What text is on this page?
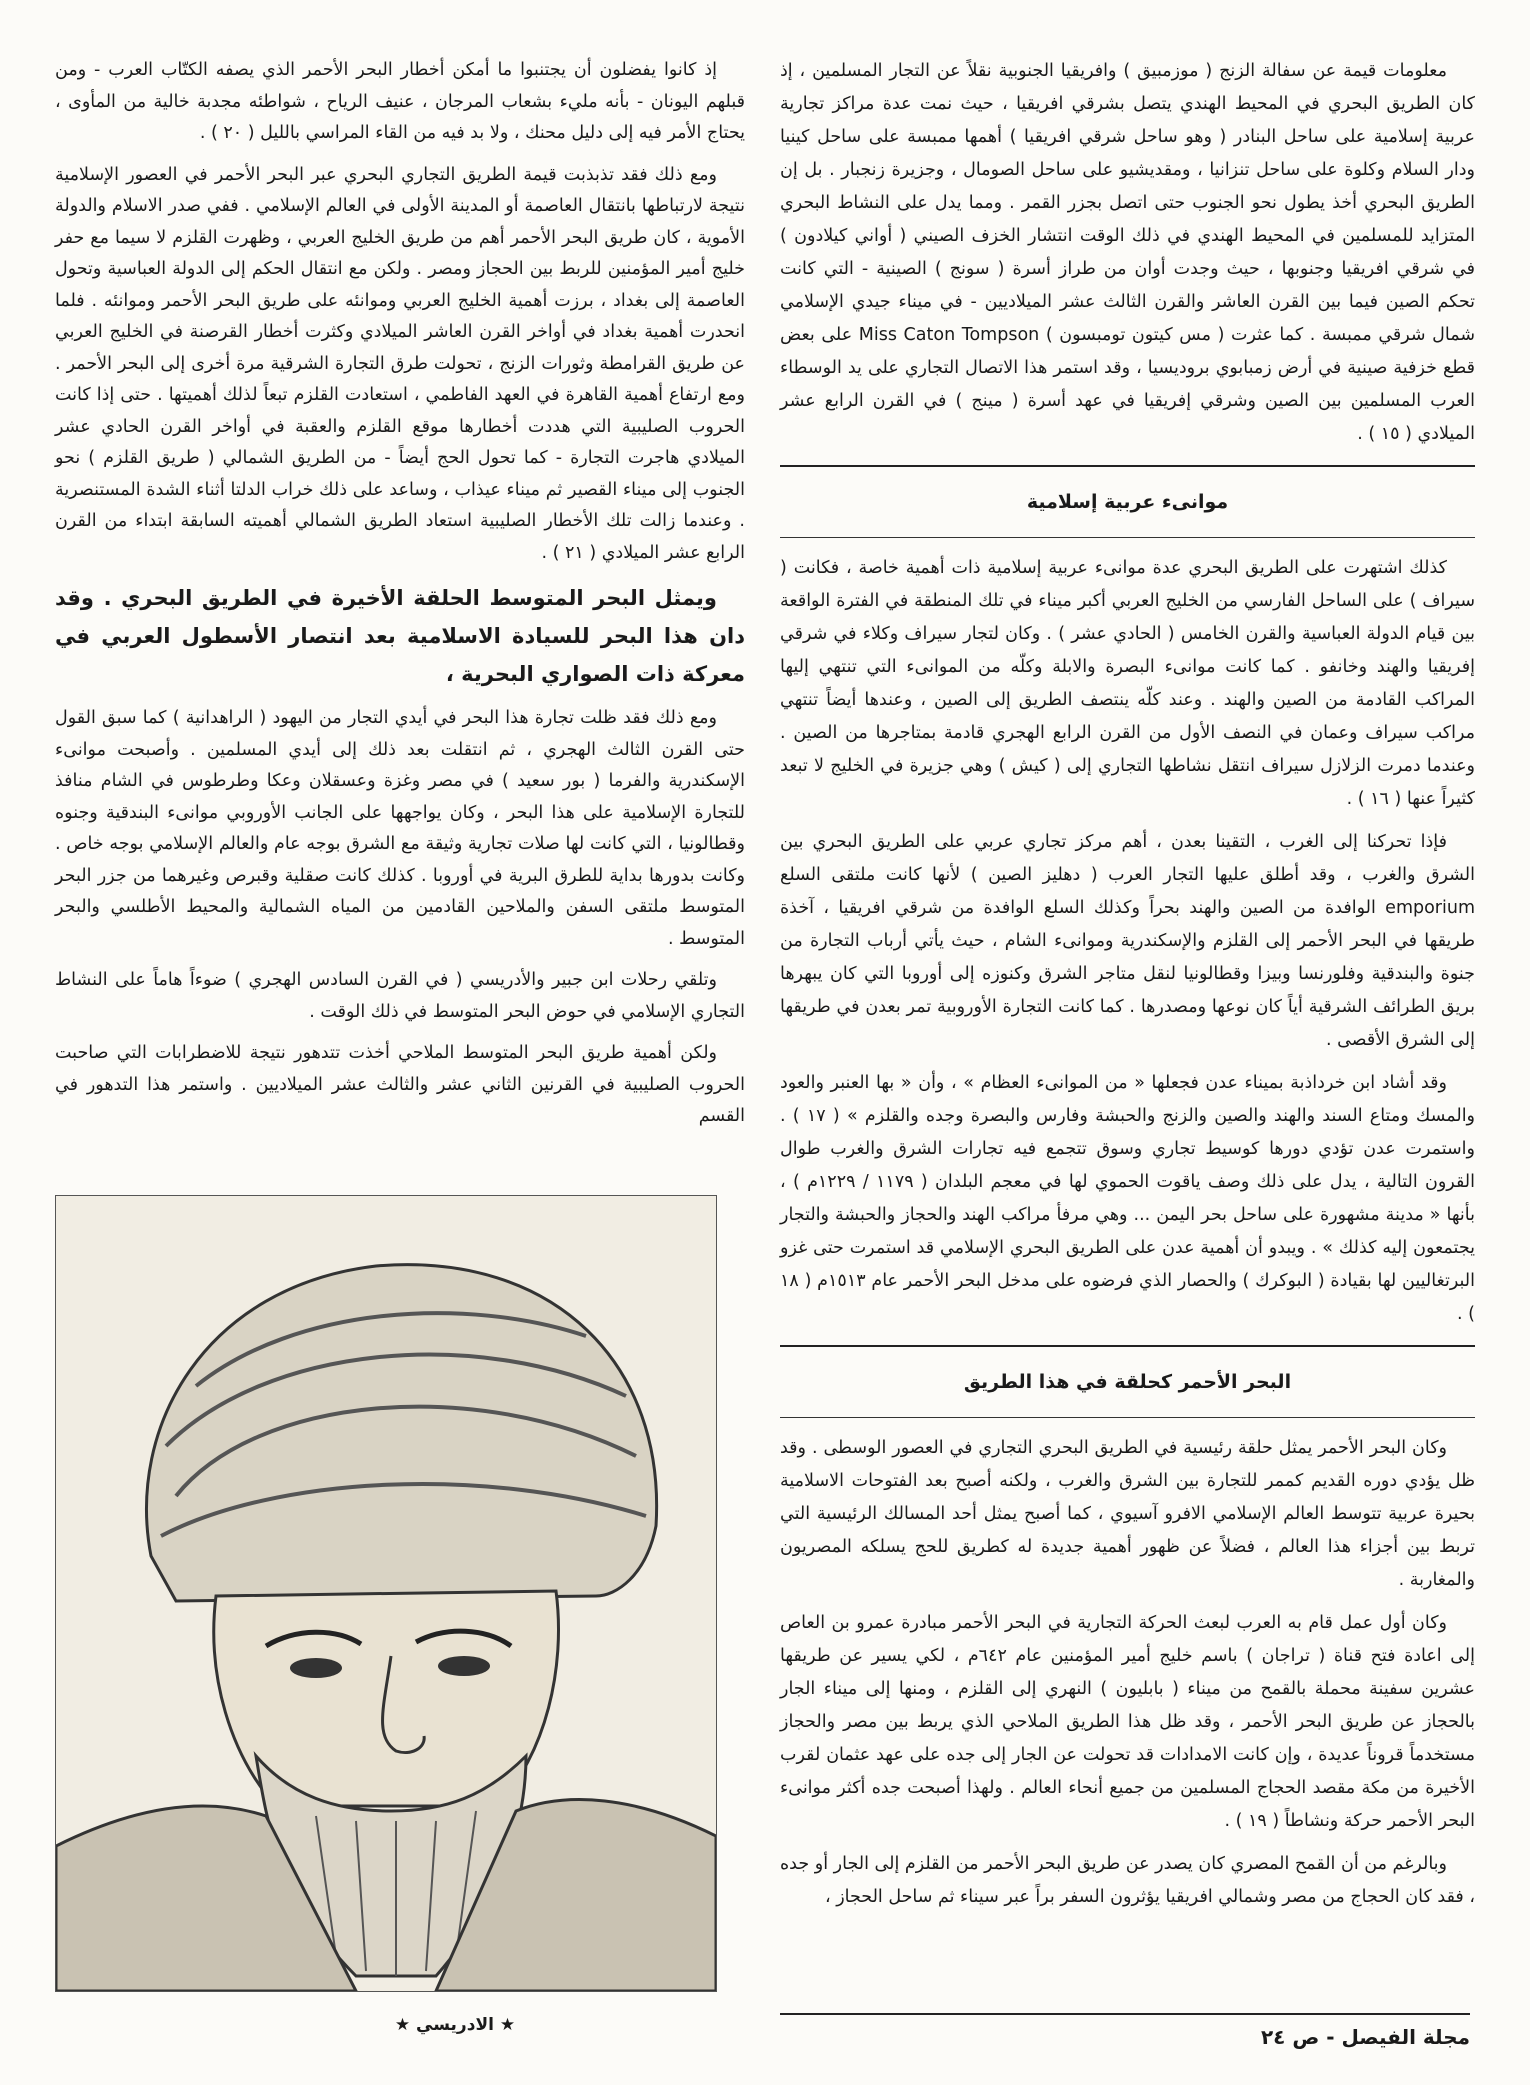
معلومات قيمة عن سفالة الزنج ( موزمبيق ) وافريقيا الجنوبية نقلاً عن التجار المسلمين ، إذ كان الطريق البحري في المحيط الهندي يتصل بشرقي افريقيا ، حيث نمت عدة مراكز تجارية عربية إسلامية على ساحل البنادر ( وهو ساحل شرقي افريقيا ) أهمها ممبسة على ساحل كينيا ودار السلام وكلوة على ساحل تنزانيا ، ومقديشيو على ساحل الصومال ، وجزيرة زنجبار . بل إن الطريق البحري أخذ يطول نحو الجنوب حتى اتصل بجزر القمر . ومما يدل على النشاط البحري المتزايد للمسلمين في المحيط الهندي في ذلك الوقت انتشار الخزف الصيني ( أواني كيلادون ) في شرقي افريقيا وجنوبها ، حيث وجدت أوان من طراز أسرة ( سونج ) الصينية - التي كانت تحكم الصين فيما بين القرن العاشر والقرن الثالث عشر الميلاديين - في ميناء جيدي الإسلامي شمال شرقي ممبسة . كما عثرت ( مس كيتون تومبسون ) Miss Caton Tompson على بعض قطع خزفية صينية في أرض زمبابوي بروديسيا ، وقد استمر هذا الاتصال التجاري على يد الوسطاء العرب المسلمين بين الصين وشرقي إفريقيا في عهد أسرة ( مينج ) في القرن الرابع عشر الميلادي ( ١٥ ) .

موانىء عربية إسلامية

كذلك اشتهرت على الطريق البحري عدة موانىء عربية إسلامية ذات أهمية خاصة ، فكانت ( سيراف ) على الساحل الفارسي من الخليج العربي أكبر ميناء في تلك المنطقة في الفترة الواقعة بين قيام الدولة العباسية والقرن الخامس ( الحادي عشر ) . وكان لتجار سيراف وكلاء في شرقي إفريقيا والهند وخانفو . كما كانت موانىء البصرة والابلة وكلّه من الموانىء التي تنتهي إليها المراكب القادمة من الصين والهند . وعند كلّه ينتصف الطريق إلى الصين ، وعندها أيضاً تنتهي مراكب سيراف وعمان في النصف الأول من القرن الرابع الهجري قادمة بمتاجرها من الصين . وعندما دمرت الزلازل سيراف انتقل نشاطها التجاري إلى ( كيش ) وهي جزيرة في الخليج لا تبعد كثيراً عنها ( ١٦ ) .

فإذا تحركنا إلى الغرب ، التقينا بعدن ، أهم مركز تجاري عربي على الطريق البحري بين الشرق والغرب ، وقد أطلق عليها التجار العرب ( دهليز الصين ) لأنها كانت ملتقى السلع emporium الوافدة من الصين والهند بحراً وكذلك السلع الوافدة من شرقي افريقيا ، آخذة طريقها في البحر الأحمر إلى القلزم والإسكندرية وموانىء الشام ، حيث يأتي أرباب التجارة من جنوة والبندقية وفلورنسا وبيزا وقطالونيا لنقل متاجر الشرق وكنوزه إلى أوروبا التي كان يبهرها بريق الطرائف الشرقية أياً كان نوعها ومصدرها . كما كانت التجارة الأوروبية تمر بعدن في طريقها إلى الشرق الأقصى .

وقد أشاد ابن خرداذبة بميناء عدن فجعلها « من الموانىء العظام » ، وأن « بها العنبر والعود والمسك ومتاع السند والهند والصين والزنج والحبشة وفارس والبصرة وجده والقلزم » ( ١٧ ) . واستمرت عدن تؤدي دورها كوسيط تجاري وسوق تتجمع فيه تجارات الشرق والغرب طوال القرون التالية ، يدل على ذلك وصف ياقوت الحموي لها في معجم البلدان ( ١١٧٩ / ١٢٢٩م ) ، بأنها « مدينة مشهورة على ساحل بحر اليمن ... وهي مرفأ مراكب الهند والحجاز والحبشة والتجار يجتمعون إليه كذلك » . ويبدو أن أهمية عدن على الطريق البحري الإسلامي قد استمرت حتى غزو البرتغاليين لها بقيادة ( البوكرك ) والحصار الذي فرضوه على مدخل البحر الأحمر عام ١٥١٣م ( ١٨ ) .

البحر الأحمر كحلقة في هذا الطريق

وكان البحر الأحمر يمثل حلقة رئيسية في الطريق البحري التجاري في العصور الوسطى . وقد ظل يؤدي دوره القديم كممر للتجارة بين الشرق والغرب ، ولكنه أصبح بعد الفتوحات الاسلامية بحيرة عربية تتوسط العالم الإسلامي الافرو آسيوي ، كما أصبح يمثل أحد المسالك الرئيسية التي تربط بين أجزاء هذا العالم ، فضلاً عن ظهور أهمية جديدة له كطريق للحج يسلكه المصريون والمغاربة .

وكان أول عمل قام به العرب لبعث الحركة التجارية في البحر الأحمر مبادرة عمرو بن العاص إلى اعادة فتح قناة ( تراجان ) باسم خليج أمير المؤمنين عام ٦٤٢م ، لكي يسير عن طريقها عشرين سفينة محملة بالقمح من ميناء ( بابليون ) النهري إلى القلزم ، ومنها إلى ميناء الجار بالحجاز عن طريق البحر الأحمر ، وقد ظل هذا الطريق الملاحي الذي يربط بين مصر والحجاز مستخدماً قروناً عديدة ، وإن كانت الامدادات قد تحولت عن الجار إلى جده على عهد عثمان لقرب الأخيرة من مكة مقصد الحجاج المسلمين من جميع أنحاء العالم . ولهذا أصبحت جده أكثر موانىء البحر الأحمر حركة ونشاطاً ( ١٩ ) .

وبالرغم من أن القمح المصري كان يصدر عن طريق البحر الأحمر من القلزم إلى الجار أو جده ، فقد كان الحجاج من مصر وشمالي افريقيا يؤثرون السفر براً عبر سيناء ثم ساحل الحجاز ،

إذ كانوا يفضلون أن يجتنبوا ما أمكن أخطار البحر الأحمر الذي يصفه الكتّاب العرب - ومن قبلهم اليونان - بأنه مليء بشعاب المرجان ، عنيف الرياح ، شواطئه مجدبة خالية من المأوى ، يحتاج الأمر فيه إلى دليل محنك ، ولا بد فيه من القاء المراسي بالليل ( ٢٠ ) .

ومع ذلك فقد تذبذبت قيمة الطريق التجاري البحري عبر البحر الأحمر في العصور الإسلامية نتيجة لارتباطها بانتقال العاصمة أو المدينة الأولى في العالم الإسلامي . ففي صدر الاسلام والدولة الأموية ، كان طريق البحر الأحمر أهم من طريق الخليج العربي ، وظهرت القلزم لا سيما مع حفر خليج أمير المؤمنين للربط بين الحجاز ومصر . ولكن مع انتقال الحكم إلى الدولة العباسية وتحول العاصمة إلى بغداد ، برزت أهمية الخليج العربي وموانئه على طريق البحر الأحمر وموانئه . فلما انحدرت أهمية بغداد في أواخر القرن العاشر الميلادي وكثرت أخطار القرصنة في الخليج العربي عن طريق القرامطة وثورات الزنج ، تحولت طرق التجارة الشرقية مرة أخرى إلى البحر الأحمر . ومع ارتفاع أهمية القاهرة في العهد الفاطمي ، استعادت القلزم تبعاً لذلك أهميتها . حتى إذا كانت الحروب الصليبية التي هددت أخطارها موقع القلزم والعقبة في أواخر القرن الحادي عشر الميلادي هاجرت التجارة - كما تحول الحج أيضاً - من الطريق الشمالي ( طريق القلزم ) نحو الجنوب إلى ميناء القصير ثم ميناء عيذاب ، وساعد على ذلك خراب الدلتا أثناء الشدة المستنصرية . وعندما زالت تلك الأخطار الصليبية استعاد الطريق الشمالي أهميته السابقة ابتداء من القرن الرابع عشر الميلادي ( ٢١ ) .

ويمثل البحر المتوسط الحلقة الأخيرة في الطريق البحري . وقد دان هذا البحر للسيادة الاسلامية بعد انتصار الأسطول العربي في معركة ذات الصواري البحرية ،

ومع ذلك فقد ظلت تجارة هذا البحر في أيدي التجار من اليهود ( الراهدانية ) كما سبق القول حتى القرن الثالث الهجري ، ثم انتقلت بعد ذلك إلى أيدي المسلمين . وأصبحت موانىء الإسكندرية والفرما ( بور سعيد ) في مصر وغزة وعسقلان وعكا وطرطوس في الشام منافذ للتجارة الإسلامية على هذا البحر ، وكان يواجهها على الجانب الأوروبي موانىء البندقية وجنوه وقطالونيا ، التي كانت لها صلات تجارية وثيقة مع الشرق بوجه عام والعالم الإسلامي بوجه خاص . وكانت بدورها بداية للطرق البرية في أوروبا . كذلك كانت صقلية وقبرص وغيرهما من جزر البحر المتوسط ملتقى السفن والملاحين القادمين من المياه الشمالية والمحيط الأطلسي والبحر المتوسط .

وتلقي رحلات ابن جبير والأدريسي ( في القرن السادس الهجري ) ضوءاً هاماً على النشاط التجاري الإسلامي في حوض البحر المتوسط في ذلك الوقت .

ولكن أهمية طريق البحر المتوسط الملاحي أخذت تتدهور نتيجة للاضطرابات التي صاحبت الحروب الصليبية في القرنين الثاني عشر والثالث عشر الميلاديين . واستمر هذا التدهور في القسم

★ الادريسي ★	مجلة الفيصل - ص ٢٤
